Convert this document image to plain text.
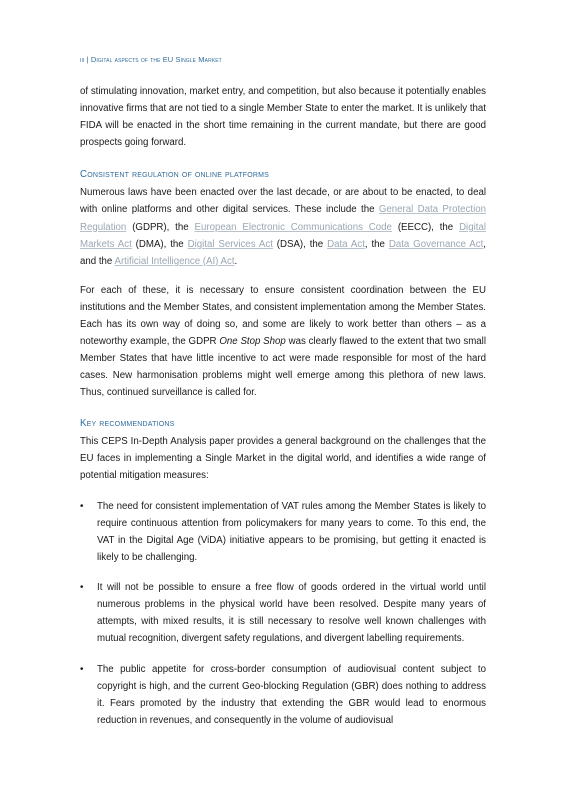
iii | Digital aspects of the EU Single Market

of stimulating innovation, market entry, and competition, but also because it potentially enables innovative firms that are not tied to a single Member State to enter the market. It is unlikely that FIDA will be enacted in the short time remaining in the current mandate, but there are good prospects going forward.

Consistent regulation of online platforms

Numerous laws have been enacted over the last decade, or are about to be enacted, to deal with online platforms and other digital services. These include the General Data Protection Regulation (GDPR), the European Electronic Communications Code (EECC), the Digital Markets Act (DMA), the Digital Services Act (DSA), the Data Act, the Data Governance Act, and the Artificial Intelligence (AI) Act.

For each of these, it is necessary to ensure consistent coordination between the EU institutions and the Member States, and consistent implementation among the Member States. Each has its own way of doing so, and some are likely to work better than others – as a noteworthy example, the GDPR One Stop Shop was clearly flawed to the extent that two small Member States that have little incentive to act were made responsible for most of the hard cases. New harmonisation problems might well emerge among this plethora of new laws. Thus, continued surveillance is called for.

Key recommendations

This CEPS In-Depth Analysis paper provides a general background on the challenges that the EU faces in implementing a Single Market in the digital world, and identifies a wide range of potential mitigation measures:

• The need for consistent implementation of VAT rules among the Member States is likely to require continuous attention from policymakers for many years to come. To this end, the VAT in the Digital Age (ViDA) initiative appears to be promising, but getting it enacted is likely to be challenging.

• It will not be possible to ensure a free flow of goods ordered in the virtual world until numerous problems in the physical world have been resolved. Despite many years of attempts, with mixed results, it is still necessary to resolve well known challenges with mutual recognition, divergent safety regulations, and divergent labelling requirements.

• The public appetite for cross-border consumption of audiovisual content subject to copyright is high, and the current Geo-blocking Regulation (GBR) does nothing to address it. Fears promoted by the industry that extending the GBR would lead to enormous reduction in revenues, and consequently in the volume of audiovisual
